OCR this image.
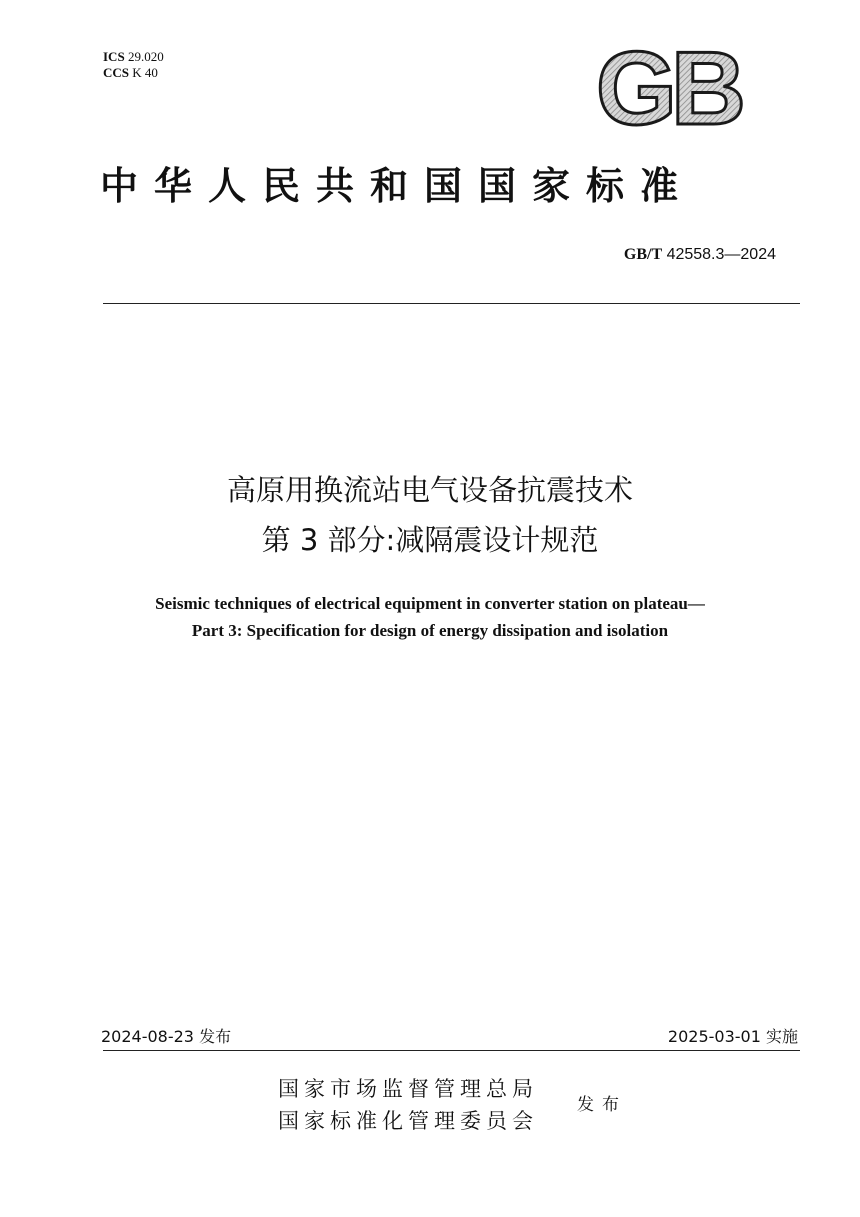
ICS 29.020
CCS K 40	GB
中华人民共和国国家标准
GB/T 42558.3—2024
高原用换流站电气设备抗震技术
第 3 部分:减隔震设计规范
Seismic techniques of electrical equipment in converter station on plateau—
Part 3: Specification for design of energy dissipation and isolation
2024-08-23 发布	2025-03-01 实施
国家市场监督管理总局
国家标准化管理委员会
发布
